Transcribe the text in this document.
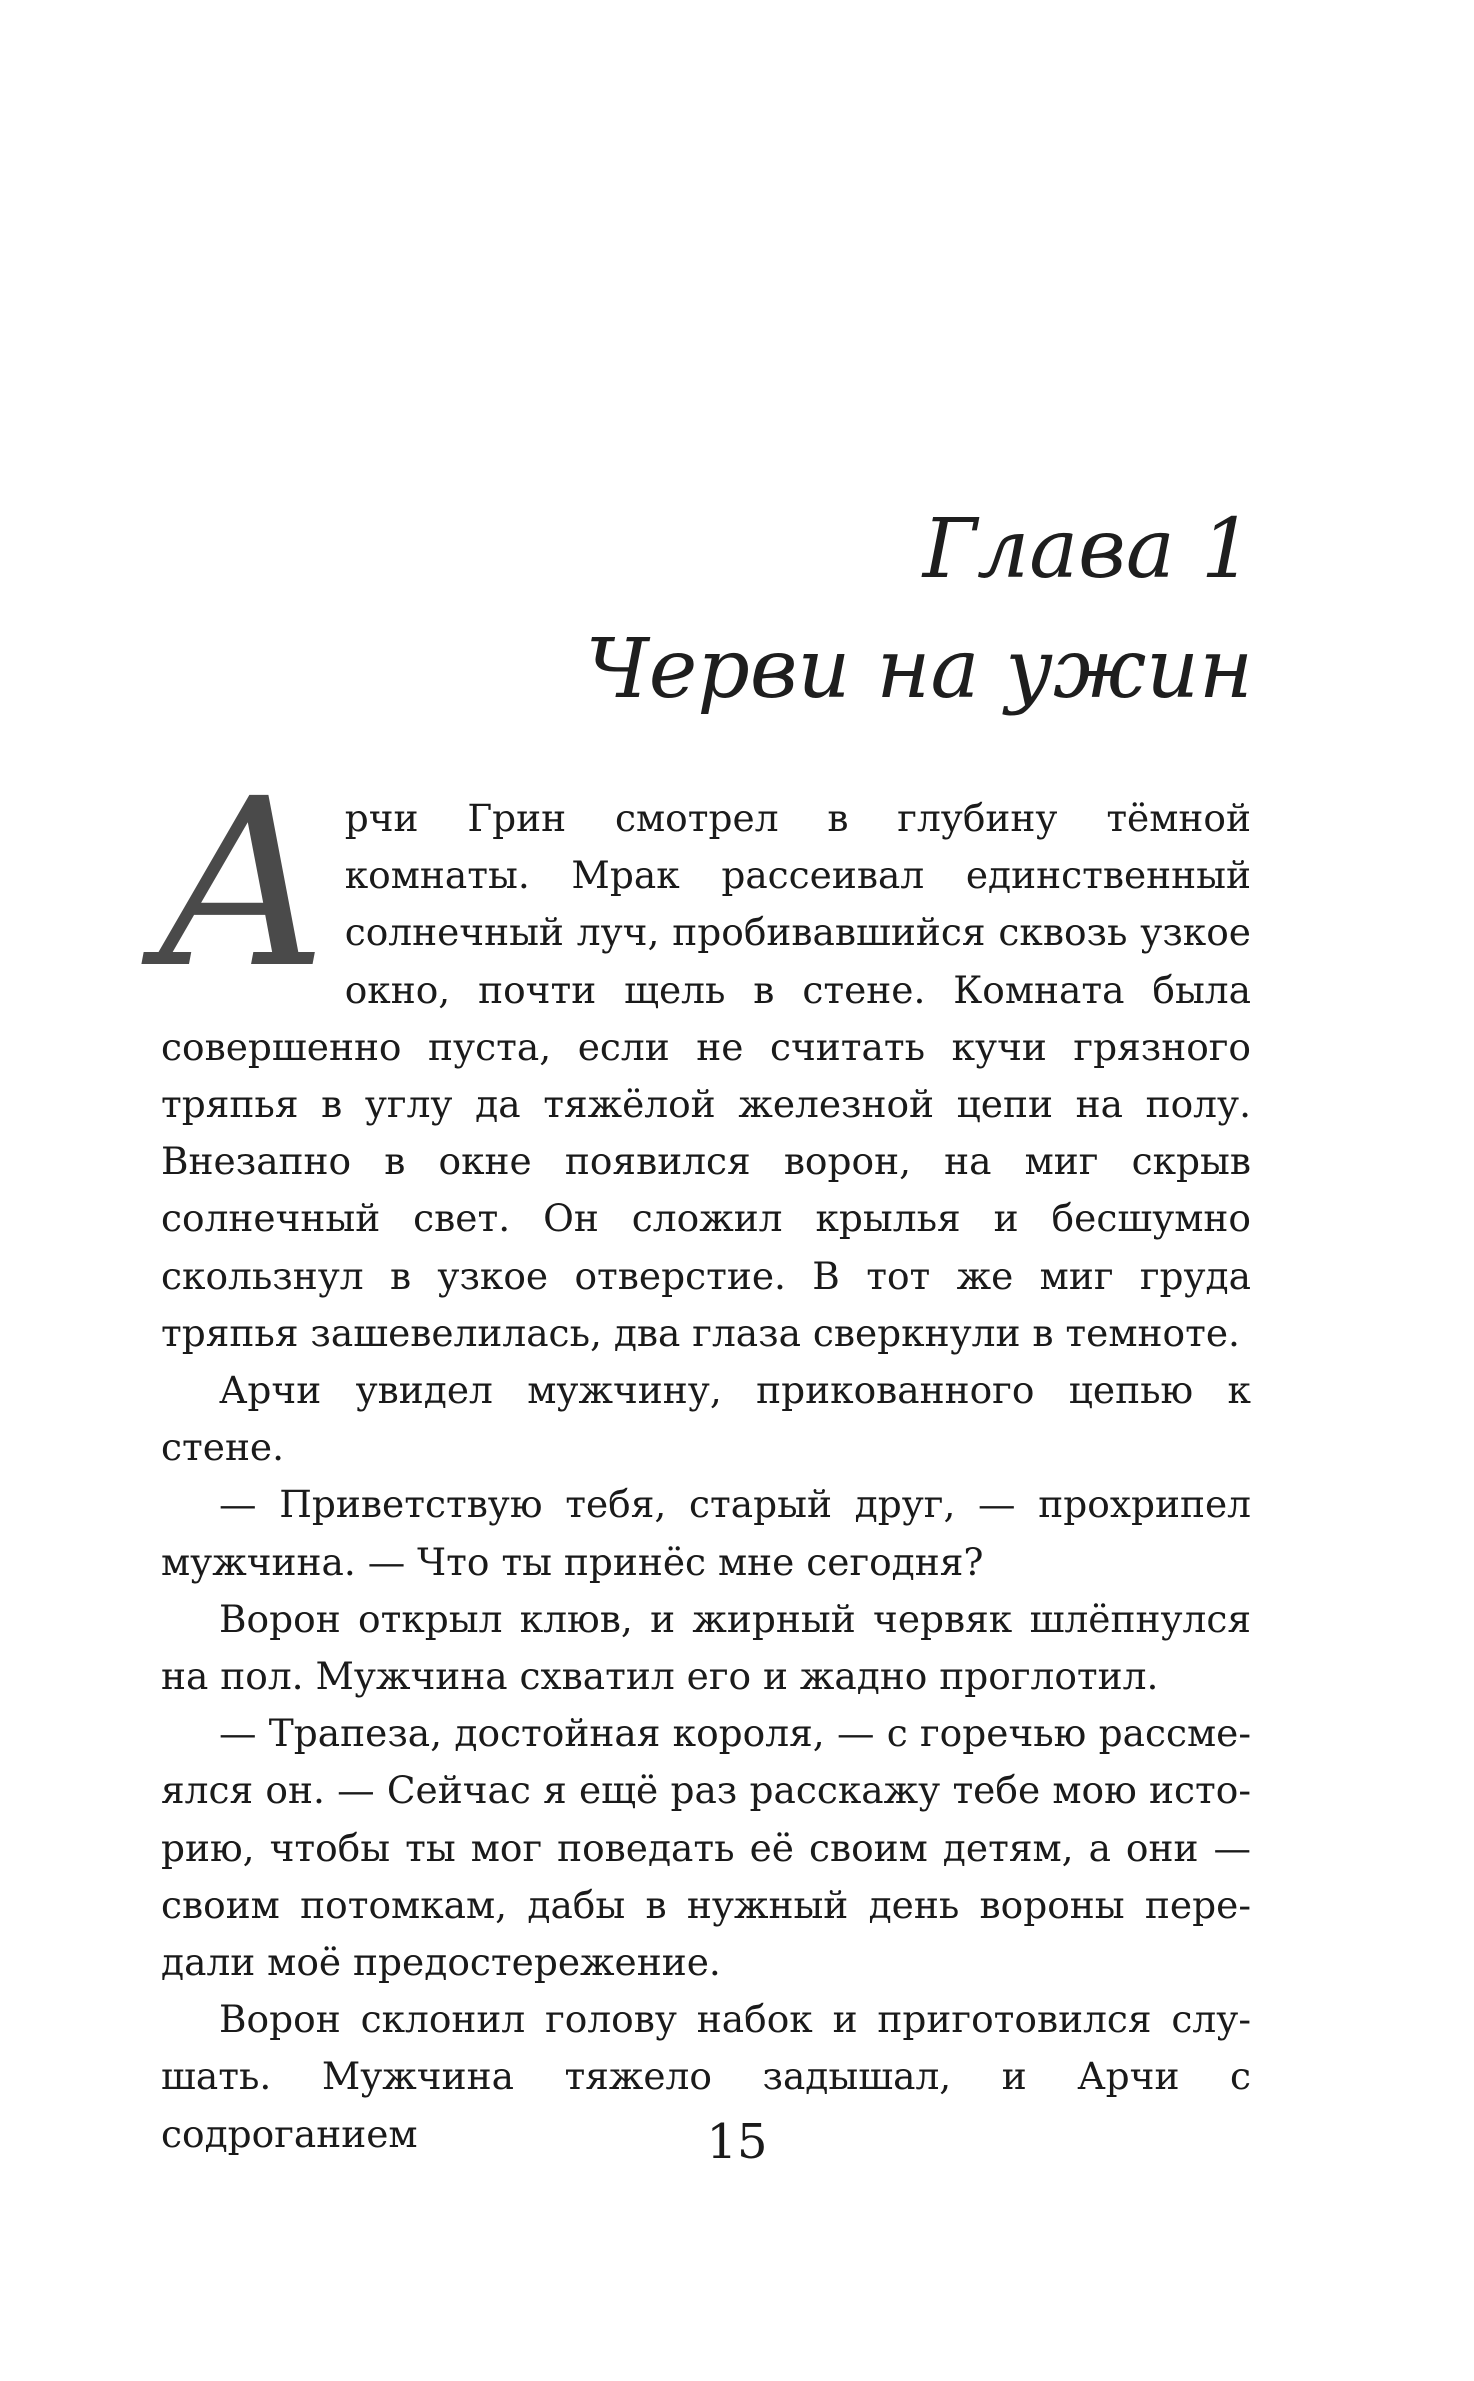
Глава 1
Черви на ужин

Арчи Грин смотрел в глубину тёмной комнаты. Мрак рассеивал единственный солнечный луч, пробивавшийся сквозь узкое окно, почти щель в стене. Комната была совершенно пуста, если не считать кучи грязного тряпья в углу да тяжёлой железной цепи на полу. Внезапно в окне появился ворон, на миг скрыв солнечный свет. Он сложил крылья и бесшумно скользнул в узкое отверстие. В тот же миг груда тряпья зашевелилась, два глаза сверкнули в темноте.

Арчи увидел мужчину, прикованного цепью к стене.

— Приветствую тебя, старый друг, — прохрипел мужчина. — Что ты принёс мне сегодня?

Ворон открыл клюв, и жирный червяк шлёпнулся на пол. Мужчина схватил его и жадно проглотил.

— Трапеза, достойная короля, — с горечью рассмеялся он. — Сейчас я ещё раз расскажу тебе мою историю, чтобы ты мог поведать её своим детям, а они — своим потомкам, дабы в нужный день вороны передали моё предостережение.

Ворон склонил голову набок и приготовился слушать. Мужчина тяжело задышал, и Арчи с содроганием	15
